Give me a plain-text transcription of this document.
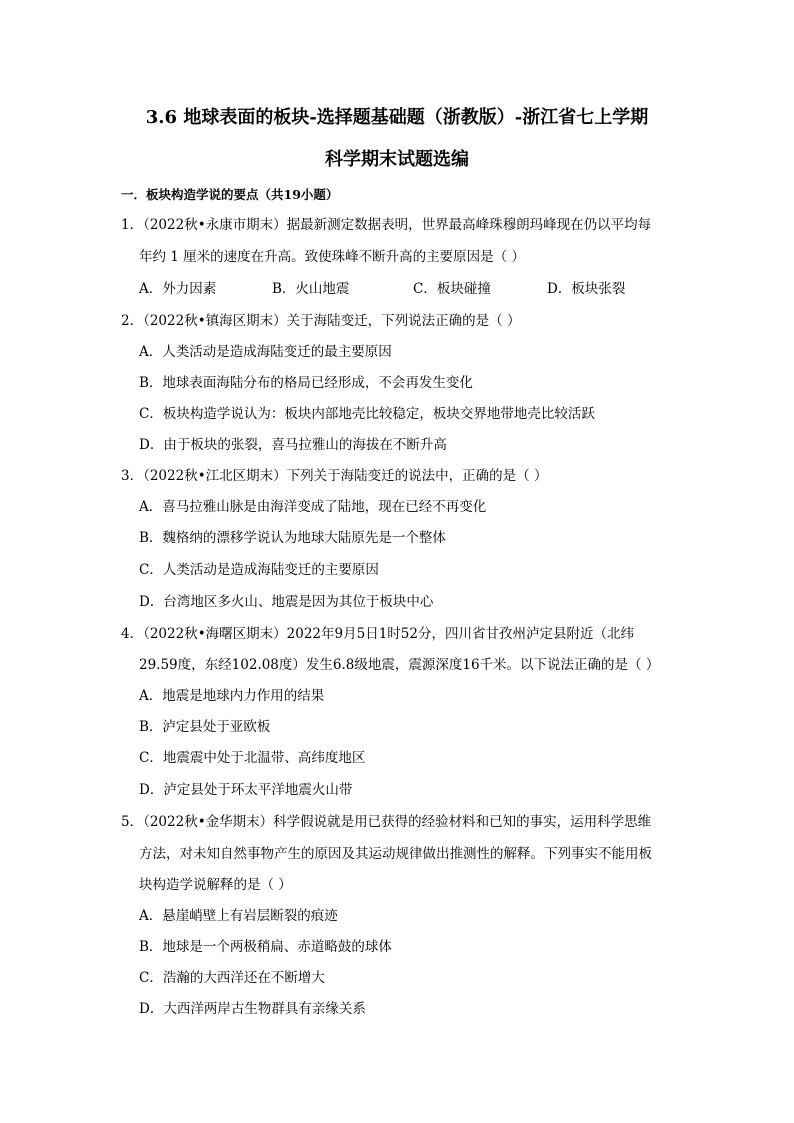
3.6 地球表面的板块-选择题基础题（浙教版）-浙江省七上学期
科学期末试题选编
一．板块构造学说的要点（共19小题）
1．（2022秋•永康市期末）据最新测定数据表明，世界最高峰珠穆朗玛峰现在仍以平均每
年约 1 厘米的速度在升高。致使珠峰不断升高的主要原因是（ ）
A．外力因素	B．火山地震	C．板块碰撞	D．板块张裂
2．（2022秋•镇海区期末）关于海陆变迁，下列说法正确的是（ ）
A．人类活动是造成海陆变迁的最主要原因
B．地球表面海陆分布的格局已经形成，不会再发生变化
C．板块构造学说认为：板块内部地壳比较稳定，板块交界地带地壳比较活跃
D．由于板块的张裂，喜马拉雅山的海拔在不断升高
3．（2022秋•江北区期末）下列关于海陆变迁的说法中，正确的是（ ）
A．喜马拉雅山脉是由海洋变成了陆地，现在已经不再变化
B．魏格纳的漂移学说认为地球大陆原先是一个整体
C．人类活动是造成海陆变迁的主要原因
D．台湾地区多火山、地震是因为其位于板块中心
4．（2022秋•海曙区期末）2022年9月5日1时52分，四川省甘孜州泸定县附近（北纬
29.59度，东经102.08度）发生6.8级地震，震源深度16千米。以下说法正确的是（ ）
A．地震是地球内力作用的结果
B．泸定县处于亚欧板
C．地震震中处于北温带、高纬度地区
D．泸定县处于环太平洋地震火山带
5．（2022秋•金华期末）科学假说就是用已获得的经验材料和已知的事实，运用科学思维
方法，对未知自然事物产生的原因及其运动规律做出推测性的解释。下列事实不能用板
块构造学说解释的是（ ）
A．悬崖峭壁上有岩层断裂的痕迹
B．地球是一个两极稍扁、赤道略鼓的球体
C．浩瀚的大西洋还在不断增大
D．大西洋两岸古生物群具有亲缘关系
